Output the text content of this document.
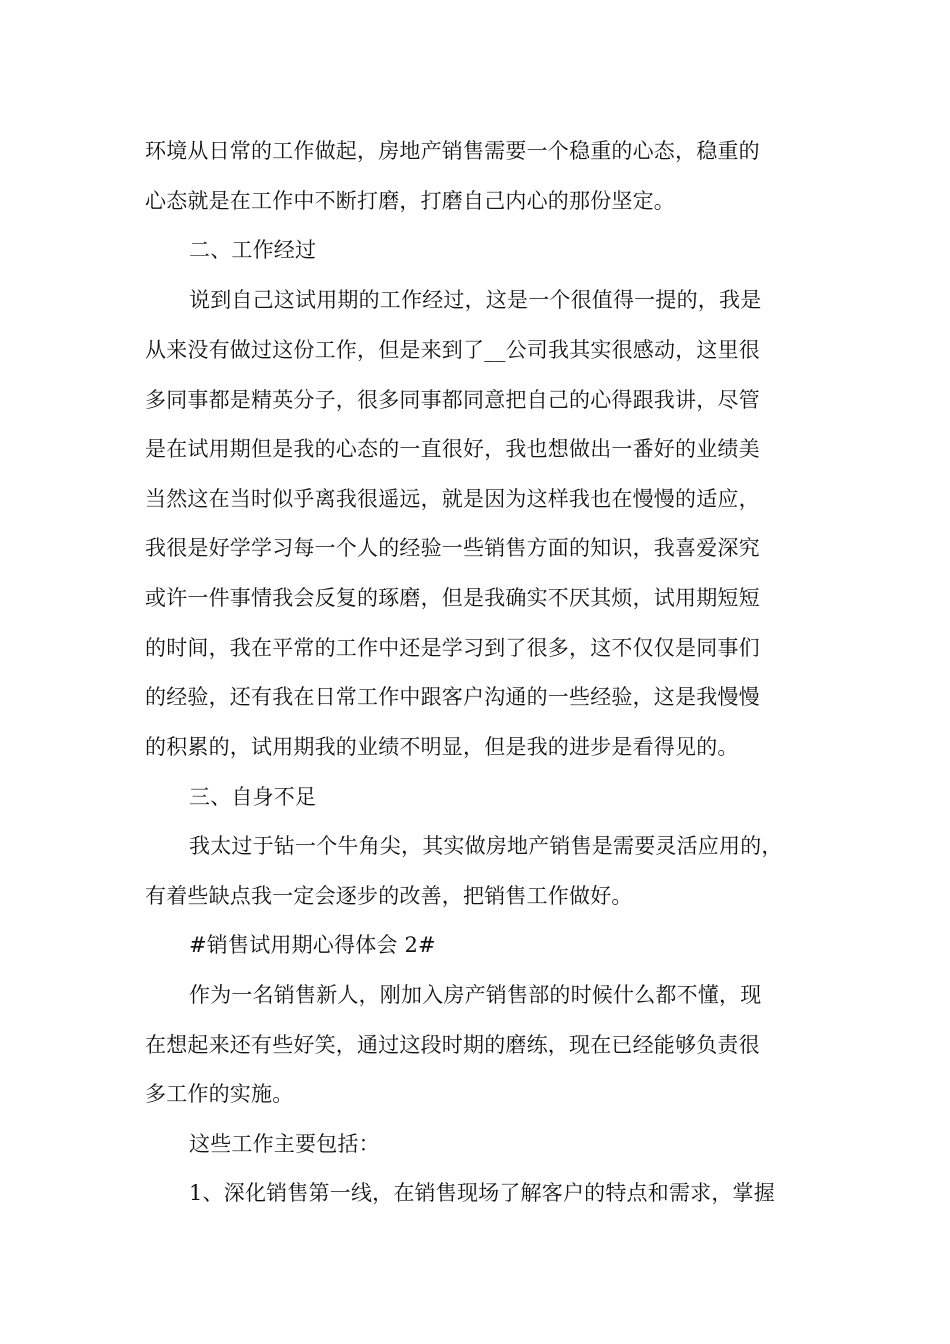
环境从日常的工作做起，房地产销售需要一个稳重的心态，稳重的
心态就是在工作中不断打磨，打磨自己内心的那份坚定。
二、工作经过
说到自己这试用期的工作经过，这是一个很值得一提的，我是
从来没有做过这份工作，但是来到了__公司我其实很感动，这里很
多同事都是精英分子，很多同事都同意把自己的心得跟我讲，尽管
是在试用期但是我的心态的一直很好，我也想做出一番好的业绩美
当然这在当时似乎离我很遥远，就是因为这样我也在慢慢的适应，
我很是好学学习每一个人的经验一些销售方面的知识，我喜爱深究
或许一件事情我会反复的琢磨，但是我确实不厌其烦，试用期短短
的时间，我在平常的工作中还是学习到了很多，这不仅仅是同事们
的经验，还有我在日常工作中跟客户沟通的一些经验，这是我慢慢
的积累的，试用期我的业绩不明显，但是我的进步是看得见的。
三、自身不足
我太过于钻一个牛角尖，其实做房地产销售是需要灵活应用的，
有着些缺点我一定会逐步的改善，把销售工作做好。
#销售试用期心得体会 2#
作为一名销售新人，刚加入房产销售部的时候什么都不懂，现
在想起来还有些好笑，通过这段时期的磨练，现在已经能够负责很
多工作的实施。
这些工作主要包括：
1、深化销售第一线，在销售现场了解客户的特点和需求，掌握
